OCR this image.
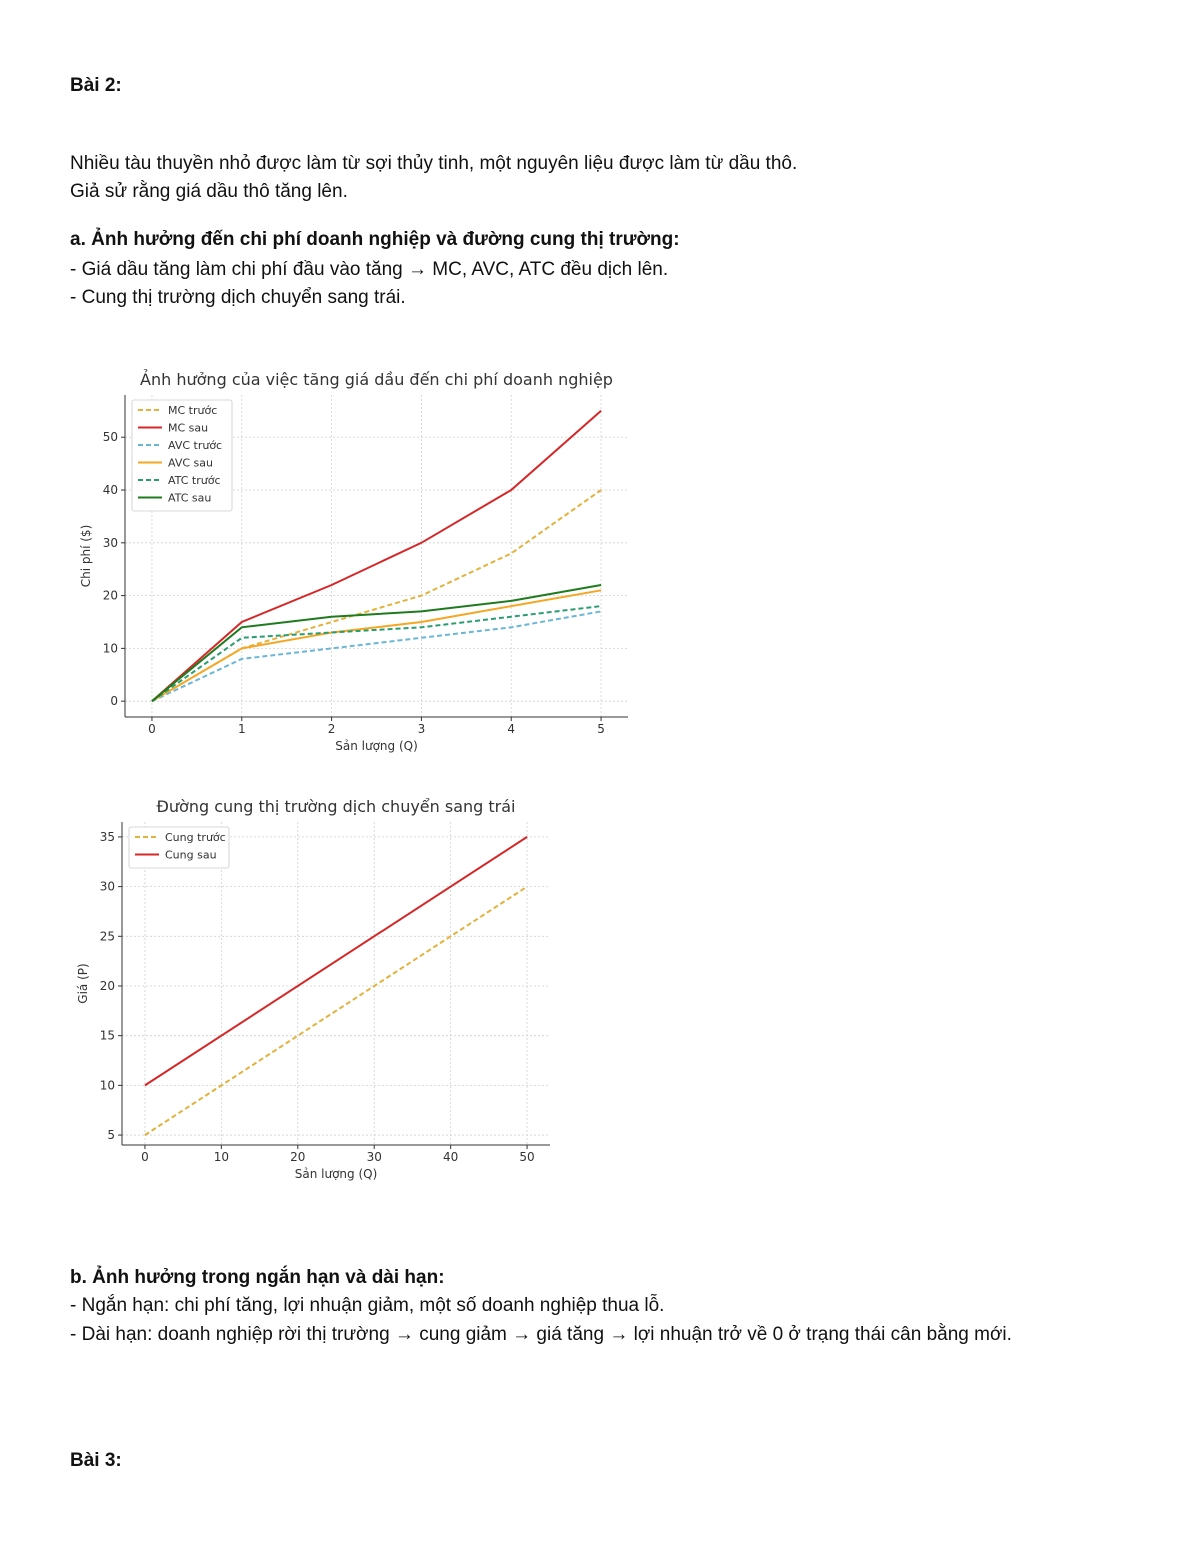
Bài 2:
Nhiều tàu thuyền nhỏ được làm từ sợi thủy tinh, một nguyên liệu được làm từ dầu thô.
Giả sử rằng giá dầu thô tăng lên.
a. Ảnh hưởng đến chi phí doanh nghiệp và đường cung thị trường:
- Giá dầu tăng làm chi phí đầu vào tăng → MC, AVC, ATC đều dịch lên.
- Cung thị trường dịch chuyển sang trái.
Ảnh hưởng của việc tăng giá dầu đến chi phí doanh nghiệp
0	1	2	3	4	5
0
10
20
30
40
50
Sản lượng (Q)
Chi phí ($)
MC trước
MC sau
AVC trước
AVC sau
ATC trước
ATC sau
Đường cung thị trường dịch chuyển sang trái
0	10	20	30	40	50
5
10
15
20
25
30
35
Sản lượng (Q)
Giá (P)
Cung trước
Cung sau
b. Ảnh hưởng trong ngắn hạn và dài hạn:
- Ngắn hạn: chi phí tăng, lợi nhuận giảm, một số doanh nghiệp thua lỗ.
- Dài hạn: doanh nghiệp rời thị trường → cung giảm → giá tăng → lợi nhuận trở về 0 ở trạng thái cân bằng mới.
Bài 3:
